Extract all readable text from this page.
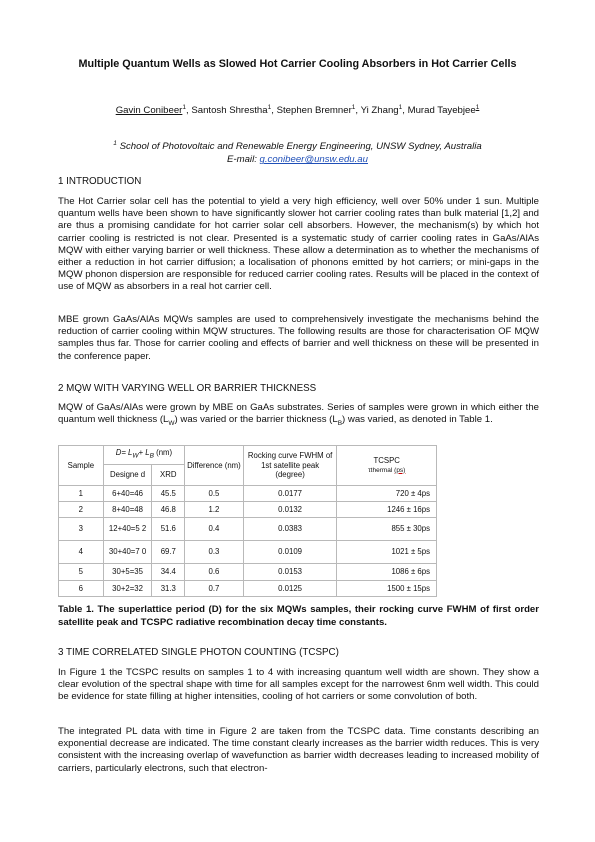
Multiple Quantum Wells as Slowed Hot Carrier Cooling Absorbers in Hot Carrier Cells
Gavin Conibeer$^1$, Santosh Shrestha$^1$, Stephen Bremner$^1$, Yi Zhang$^1$, Murad Tayebjee$^1$
$^1$ School of Photovoltaic and Renewable Energy Engineering, UNSW Sydney, Australia
E-mail: g.conibeer@unsw.edu.au
1 INTRODUCTION

The Hot Carrier solar cell has the potential to yield a very high efficiency, well over 50% under 1 sun. Multiple quantum wells have been shown to have significantly slower hot carrier cooling rates than bulk material [1,2] and are thus a promising candidate for hot carrier solar cell absorbers. However, the mechanism(s) by which hot carrier cooling is restricted is not clear. Presented is a systematic study of carrier cooling rates in GaAs/AlAs MQW with either varying barrier or well thickness. These allow a determination as to whether the mechanisms of either a reduction in hot carrier diffusion; a localisation of phonons emitted by hot carriers; or mini-gaps in the MQW phonon dispersion are responsible for reduced carrier cooling rates. Results will be placed in the context of use of MQW as absorbers in a real hot carrier cell.

MBE grown GaAs/AlAs MQWs samples are used to comprehensively investigate the mechanisms behind the reduction of carrier cooling within MQW structures. The following results are those for characterisation OF MQW samples thus far. Those for carrier cooling and effects of barrier and well thickness on these will be presented in the conference paper.

2 MQW WITH VARYING WELL OR BARRIER THICKNESS

MQW of GaAs/AlAs were grown by MBE on GaAs substrates. Series of samples were grown in which either the quantum well thickness $(L_W)$ was varied or the barrier thickness $(L_B)$ was varied, as denoted in Table 1.

Sample	$D= L_W+ L_B$ (nm)		Difference (nm)	Rocking curve FWHM of 1st satellite peak (degree)	TCSPC
τthermal (ps)

	Designe d	XRD			
1	6+40=46	45.5	0.5	0.0177	720 ± 4ps
2	8+40=48	46.8	1.2	0.0132	1246 ± 16ps
3	12+40=5 2	51.6	0.4	0.0383	855 ± 30ps
4	30+40=7 0	69.7	0.3	0.0109	1021 ± 5ps
5	30+5=35	34.4	0.6	0.0153	1086 ± 6ps
6	30+2=32	31.3	0.7	0.0125	1500 ± 15ps

Table 1. The superlattice period (D) for the six MQWs samples, their rocking curve FWHM of first order satellite peak and TCSPC radiative recombination decay time constants.

3 TIME CORRELATED SINGLE PHOTON COUNTING (TCSPC)

In Figure 1 the TCSPC results on samples 1 to 4 with increasing quantum well width are shown. They show a clear evolution of the spectral shape with time for all samples except for the narrowest 6nm well width. This could be evidence for state filling at higher intensities, cooling of hot carriers or some convolution of both.

The integrated PL data with time in Figure 2 are taken from the TCSPC data. Time constants describing an exponential decrease are indicated. The time constant clearly increases as the barrier width reduces. This is very consistent with the increasing overlap of wavefunction as barrier width decreases leading to increased mobility of carriers, particularly electrons, such that electron-
